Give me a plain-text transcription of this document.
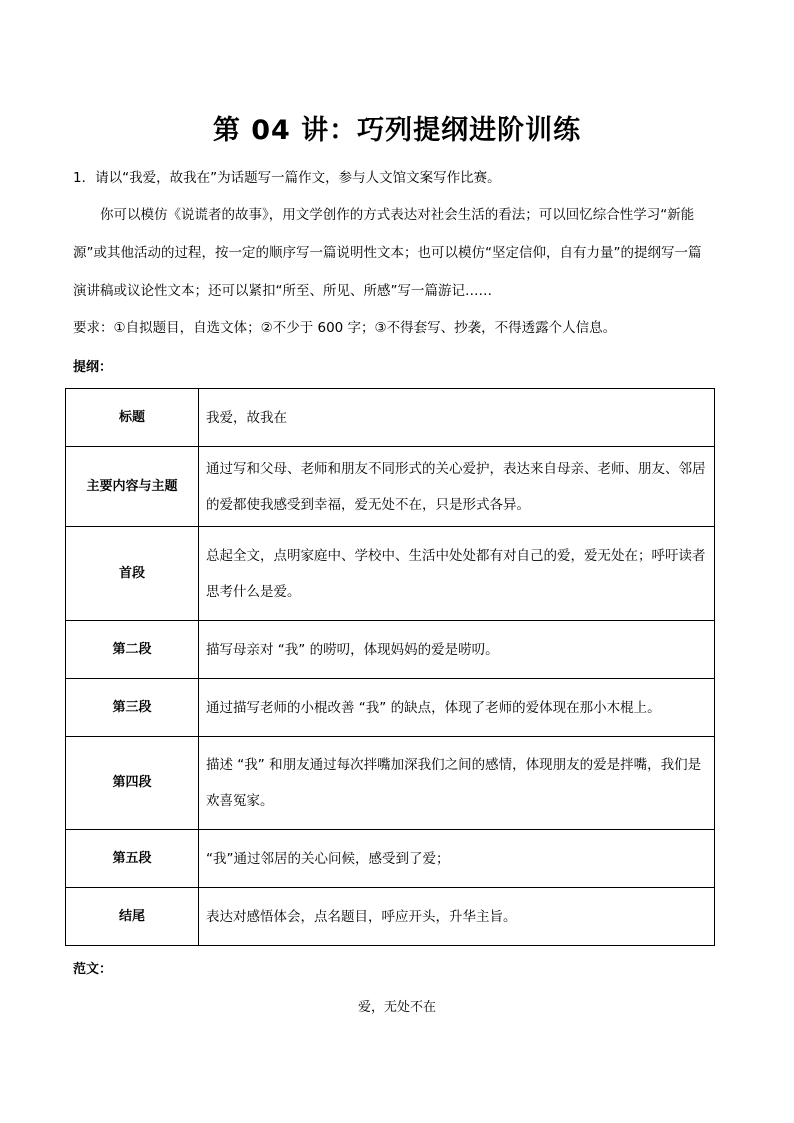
第 04 讲：巧列提纲进阶训练
1．请以“我爱，故我在”为话题写一篇作文，参与人文馆文案写作比赛。
你可以模仿《说谎者的故事》，用文学创作的方式表达对社会生活的看法；可以回忆综合性学习“新能
源”或其他活动的过程，按一定的顺序写一篇说明性文本；也可以模仿“坚定信仰，自有力量”的提纲写一篇
演讲稿或议论性文本；还可以紧扣“所至、所见、所感”写一篇游记……
要求：①自拟题目，自选文体；②不少于 600 字；③不得套写、抄袭，不得透露个人信息。
提纲：
标题	我爱，故我在
主要内容与主题	通过写和父母、老师和朋友不同形式的关心爱护，表达来自母亲、老师、朋友、邻居的爱都使我感受到幸福，爱无处不在，只是形式各异。
首段	总起全文，点明家庭中、学校中、生活中处处都有对自己的爱，爱无处在；呼吁读者思考什么是爱。
第二段	描写母亲对 “我” 的唠叨，体现妈妈的爱是唠叨。
第三段	通过描写老师的小棍改善 “我” 的缺点，体现了老师的爱体现在那小木棍上。
第四段	描述 “我” 和朋友通过每次拌嘴加深我们之间的感情，体现朋友的爱是拌嘴，我们是欢喜冤家。
第五段	“我”通过邻居的关心问候，感受到了爱；
结尾	表达对感悟体会，点名题目，呼应开头，升华主旨。
范文：
爱，无处不在
